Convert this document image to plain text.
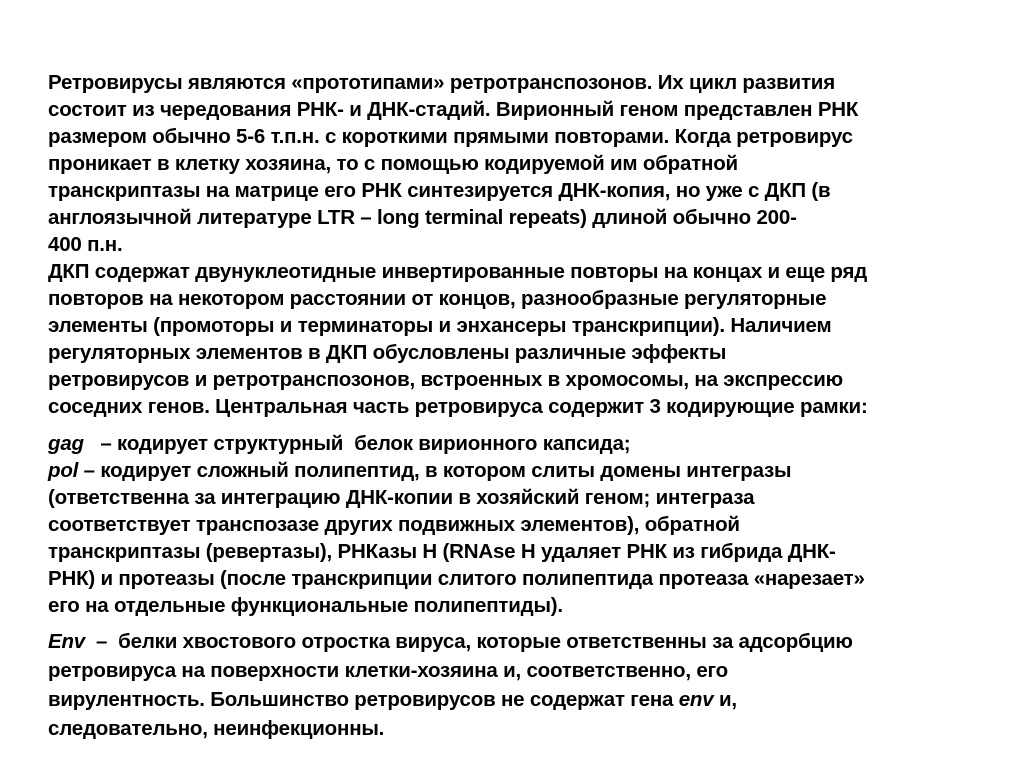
Ретровирусы являются «прототипами» ретротранспозонов. Их цикл развития
состоит из чередования РНК- и ДНК-стадий. Вирионный геном представлен РНК
размером обычно 5-6 т.п.н. с короткими прямыми повторами. Когда ретровирус
проникает в клетку хозяина, то с помощью кодируемой им обратной
транскриптазы на матрице его РНК синтезируется ДНК-копия, но уже с ДКП (в
англоязычной литературе LTR – long terminal repeats) длиной обычно 200-
400 п.н.

ДКП содержат двунуклеотидные инвертированные повторы на концах и еще ряд
повторов на некотором расстоянии от концов, разнообразные регуляторные
элементы (промоторы и терминаторы и энхансеры транскрипции). Наличием
регуляторных элементов в ДКП обусловлены различные эффекты
ретровирусов и ретротранспозонов, встроенных в хромосомы, на экспрессию
соседних генов. Центральная часть ретровируса содержит 3 кодирующие рамки:

gag   – кодирует структурный  белок вирионного капсида;

pol – кодирует сложный полипептид, в котором слиты домены интегразы
(ответственна за интеграцию ДНК-копии в хозяйский геном; интеграза
соответствует транспозазе других подвижных элементов), обратной
транскриптазы (ревертазы), РНКазы Н (RNAse H удаляет РНК из гибрида ДНК-
РНК) и протеазы (после транскрипции слитого полипептида протеаза «нарезает»
его на отдельные функциональные полипептиды).

Env  –  белки хвостового отростка вируса, которые ответственны за адсорбцию
ретровируса на поверхности клетки-хозяина и, соответственно, его
вирулентность. Большинство ретровирусов не содержат гена env и,
следовательно, неинфекционны.
